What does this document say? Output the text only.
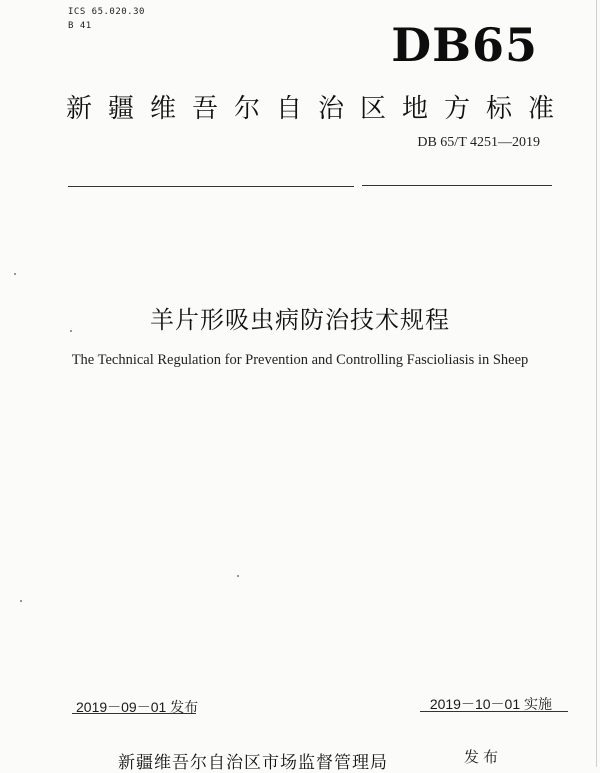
ICS 65.020.30
B 41	DB65
新疆维吾尔自治区地方标准
DB 65/T 4251—2019
羊片形吸虫病防治技术规程
The Technical Regulation for Prevention and Controlling Fascioliasis in Sheep
2019－09－01 发布	2019－10－01 实施
新疆维吾尔自治区市场监督管理局	发布
